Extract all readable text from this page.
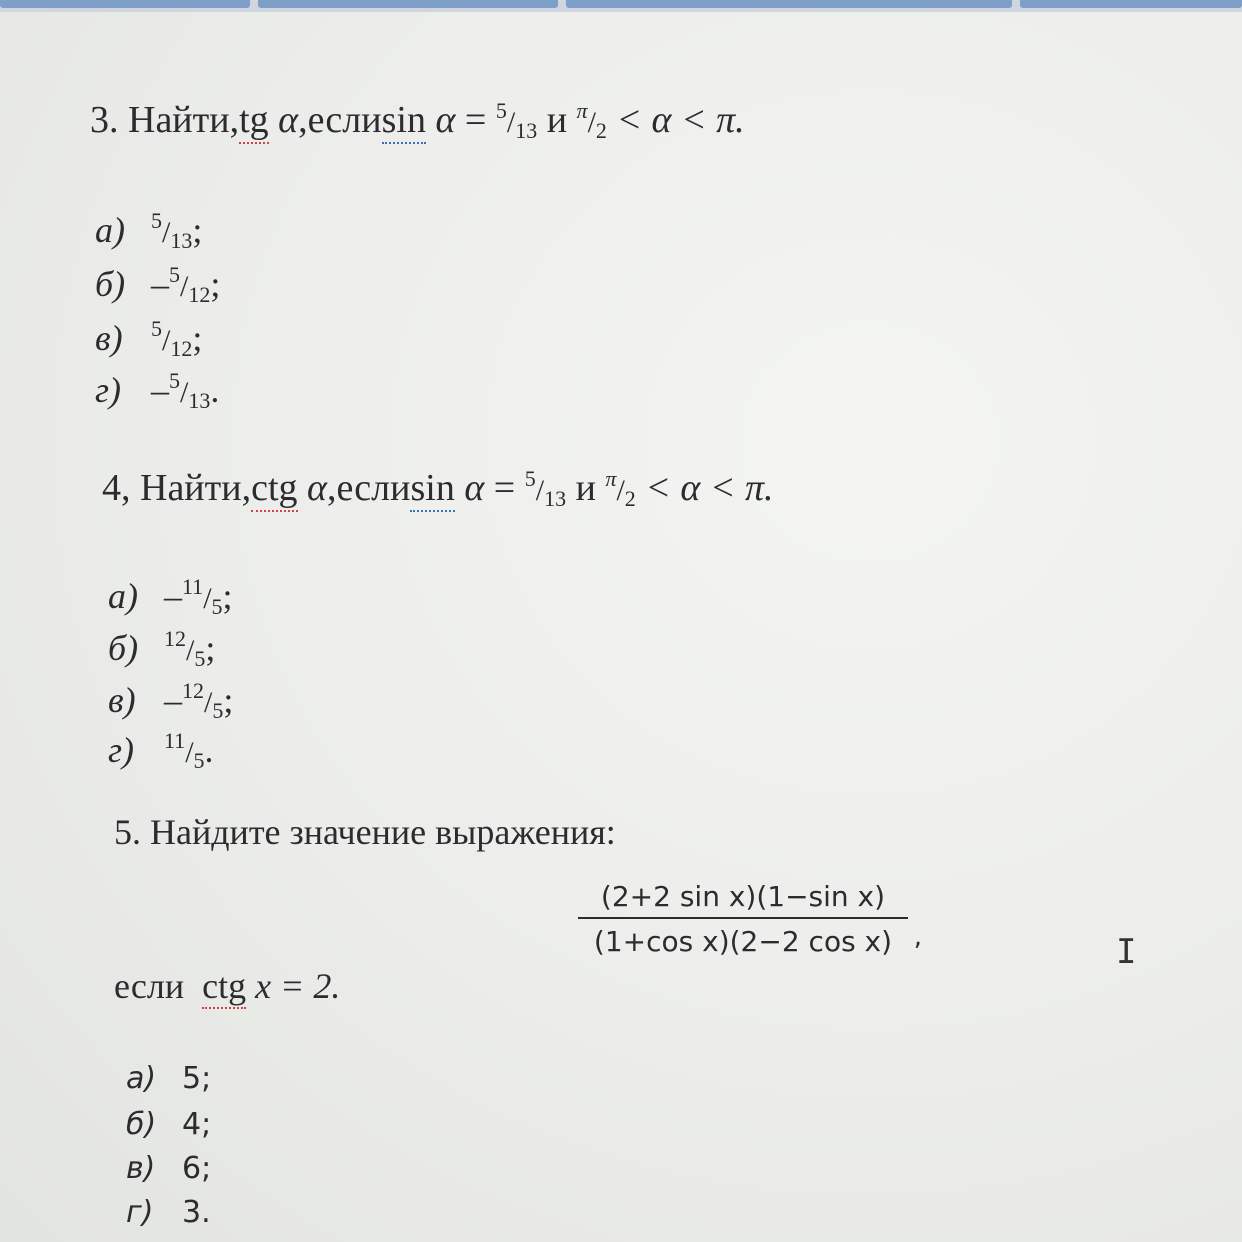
3. Найти,tg α,еслиsin α = $^5$/13 и $^\pi$/2 < α < π.
а) $^5$/13;
б) –$^5$/12;
в) $^5$/12;
г) –$^5$/13.
4, Найти,ctg α,еслиsin α = $^5$/13 и $^\pi$/2 < α < π.
а) –$^{11}$/5;
б) $^{12}$/5;
в) –$^{12}$/5;
г) $^{11}$/5.
5. Найдите значение выражения:
(2+2 sin x)(1−sin x)
(1+cos x)(2−2 cos x) ,
если ctg x = 2.
а) 5;
б) 4;
в) 6;
г) 3.
I
